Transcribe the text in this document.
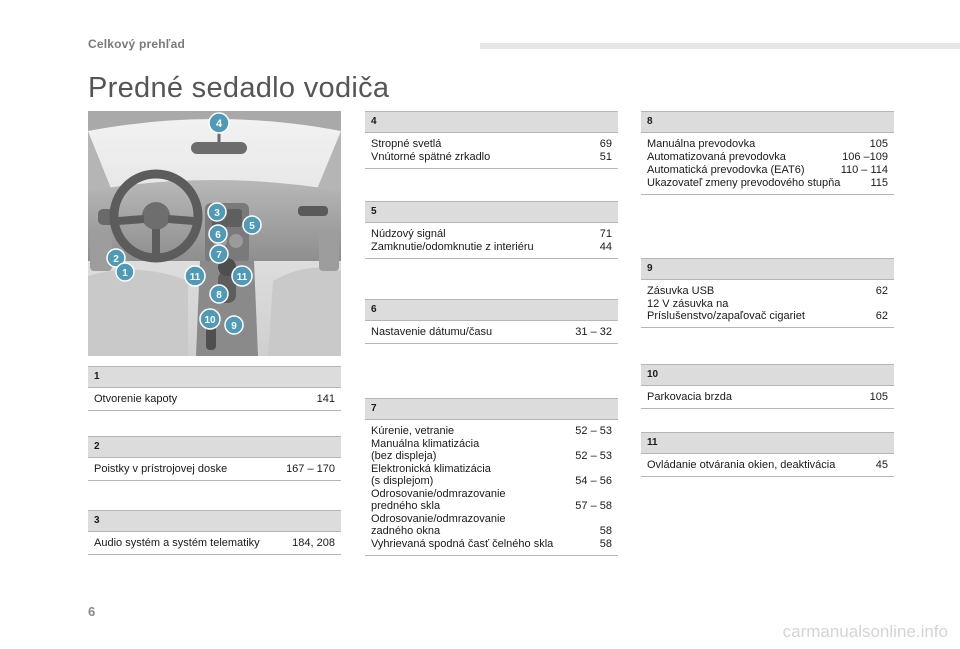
Celkový prehľad
Predné sedadlo vodiča
4
3
5
6
7
2
1	11	11
8
10
9
1
Otvorenie kapoty	141
2
Poistky v prístrojovej doske	167 – 170
3
Audio systém a systém telematiky	184, 208
4
Stropné svetlá	69
Vnútorné spätné zrkadlo	51
5
Núdzový signál	71
Zamknutie/odomknutie z interiéru	44
6
Nastavenie dátumu/času	31 – 32
7
Kúrenie, vetranie	52 – 53
Manuálna klimatizácia
(bez displeja)	52 – 53
Elektronická klimatizácia
(s displejom)	54 – 56
Odrosovanie/odmrazovanie
predného skla	57 – 58
Odrosovanie/odmrazovanie
zadného okna	58
Vyhrievaná spodná časť čelného skla	58
8
Manuálna prevodovka	105
Automatizovaná prevodovka	106 –109
Automatická prevodovka (EAT6)	110 – 114
Ukazovateľ zmeny prevodového stupňa	115
9
Zásuvka USB	62
12 V zásuvka na
Príslušenstvo/zapaľovač cigariet	62
10
Parkovacia brzda	105
11
Ovládanie otvárania okien, deaktivácia	45
6
carmanualsonline.info
